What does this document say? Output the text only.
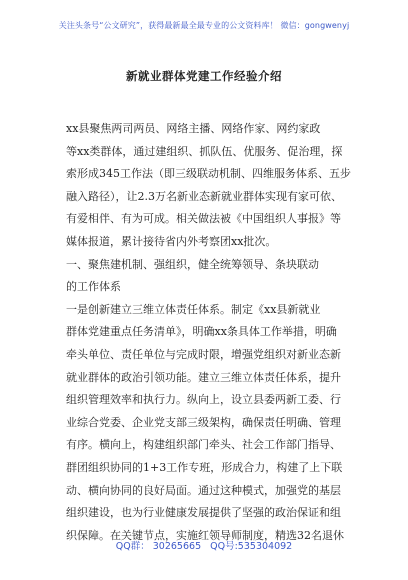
关注头条号“公文研究”，获得最新最全最专业的公文资料库！ 微信：gongwenyj
新就业群体党建工作经验介绍
xx县聚焦两司两员、网络主播、网络作家、网约家政
等xx类群体，通过建组织、抓队伍、优服务、促治理，探
索形成345工作法（即三级联动机制、四维服务体系、五步
融入路径），让2.3万名新业态新就业群体实现有家可依、
有爱相伴、有为可成。相关做法被《中国组织人事报》等
媒体报道，累计接待省内外考察团xx批次。
一、聚焦建机制、强组织，健全统筹领导、条块联动
的工作体系
一是创新建立三维立体责任体系。制定《xx县新就业
群体党建重点任务清单》，明确xx条具体工作举措，明确
牵头单位、责任单位与完成时限，增强党组织对新业态新
就业群体的政治引领功能。建立三维立体责任体系，提升
组织管理效率和执行力。纵向上，设立县委两新工委、行
业综合党委、企业党支部三级架构，确保责任明确、管理
有序。横向上，构建组织部门牵头、社会工作部门指导、
群团组织协同的1+3工作专班，形成合力，构建了上下联
动、横向协同的良好局面。通过这种模式，加强党的基层
组织建设，也为行业健康发展提供了坚强的政治保证和组
织保障。在关键节点，实施红领导师制度，精选32名退休
QQ群： 30265665 QQ号:535304092
